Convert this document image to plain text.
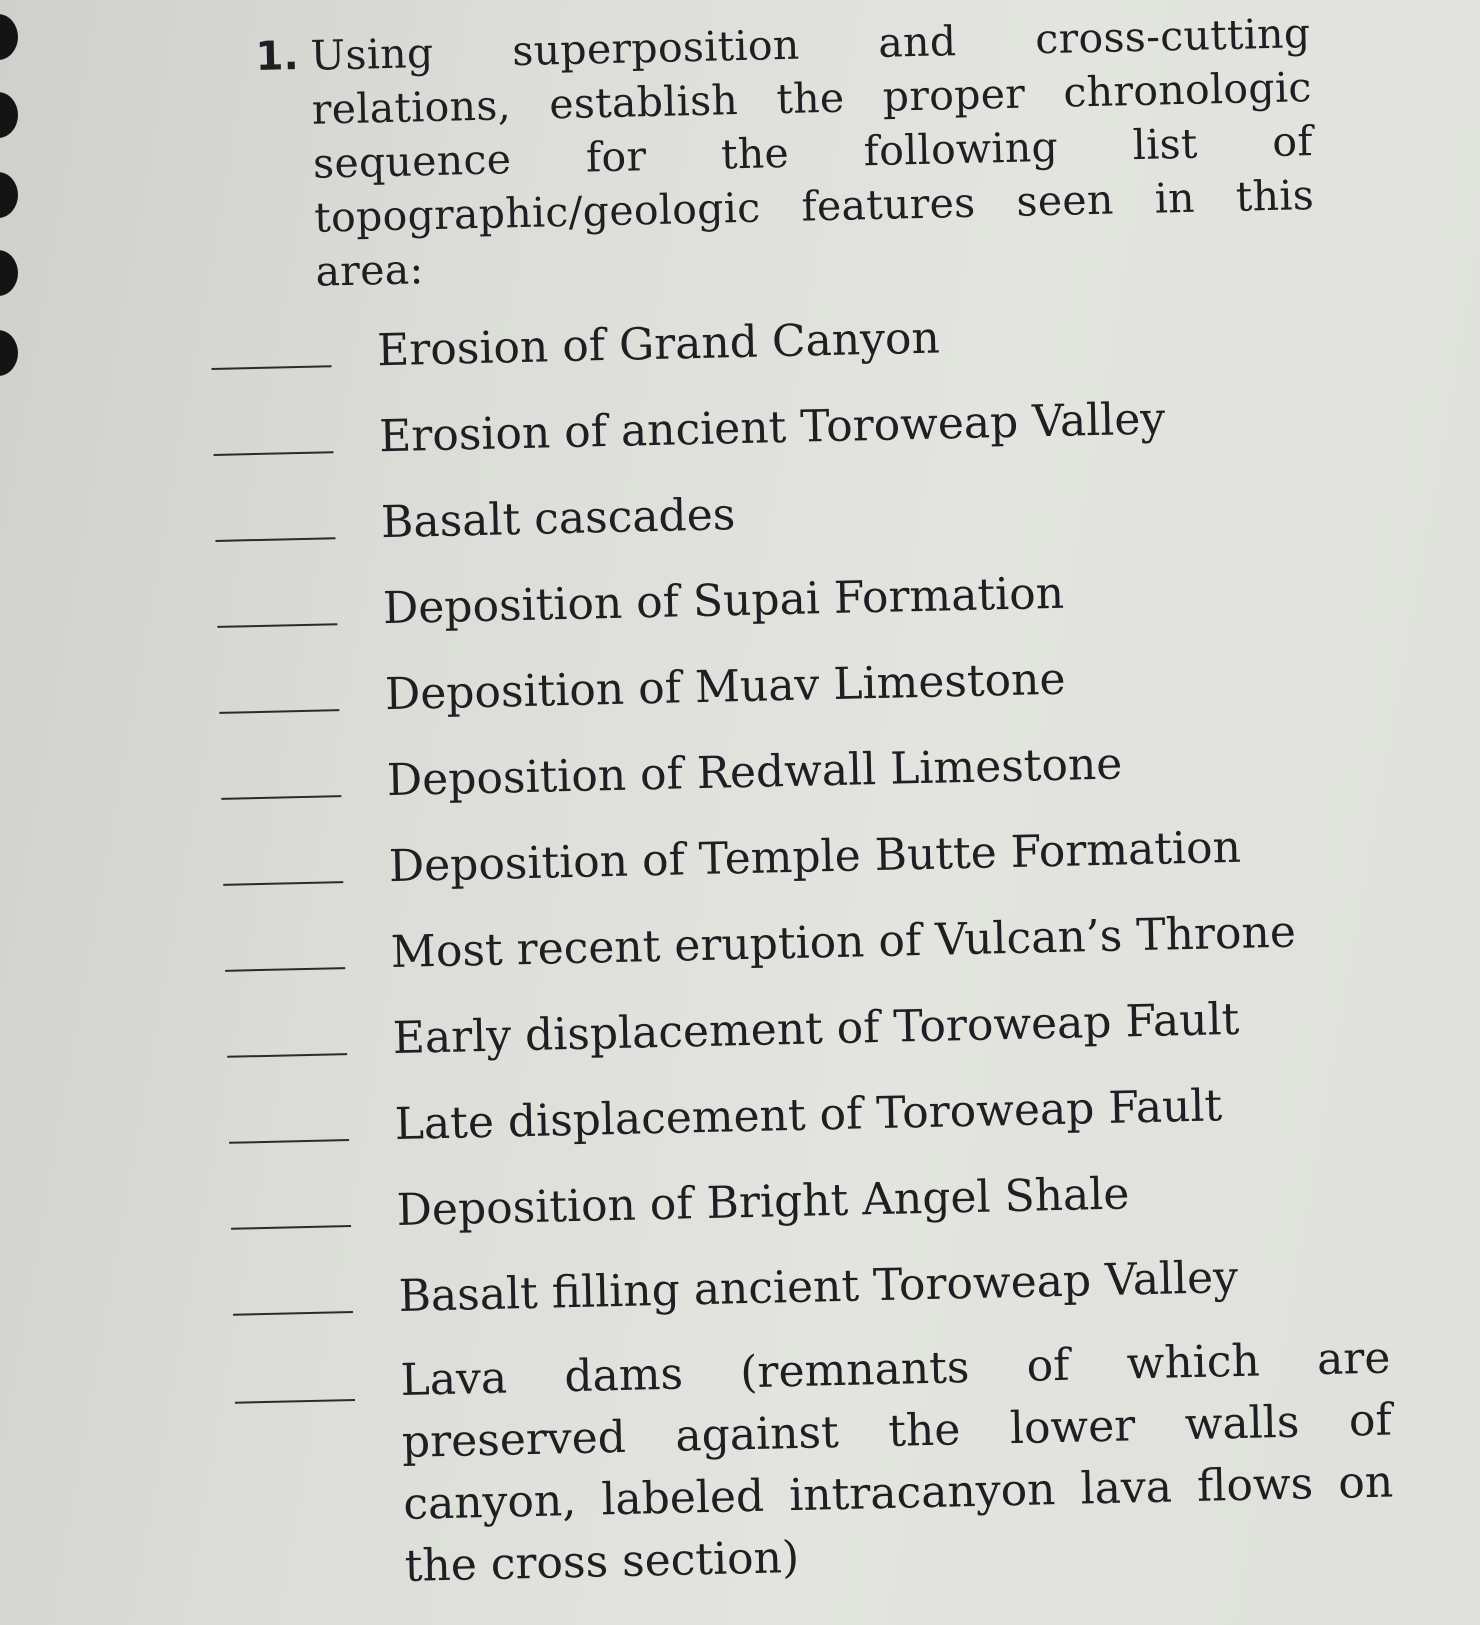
1. Using superposition and cross-cutting relations, establish the proper chronologic sequence for the following list of topographic/geologic features seen in this area:
Erosion of Grand Canyon
Erosion of ancient Toroweap Valley
Basalt cascades
Deposition of Supai Formation
Deposition of Muav Limestone
Deposition of Redwall Limestone
Deposition of Temple Butte Formation
Most recent eruption of Vulcan’s Throne
Early displacement of Toroweap Fault
Late displacement of Toroweap Fault
Deposition of Bright Angel Shale
Basalt filling ancient Toroweap Valley
Lava dams (remnants of which are preserved against the lower walls of canyon, labeled intracanyon lava flows on the cross section)
